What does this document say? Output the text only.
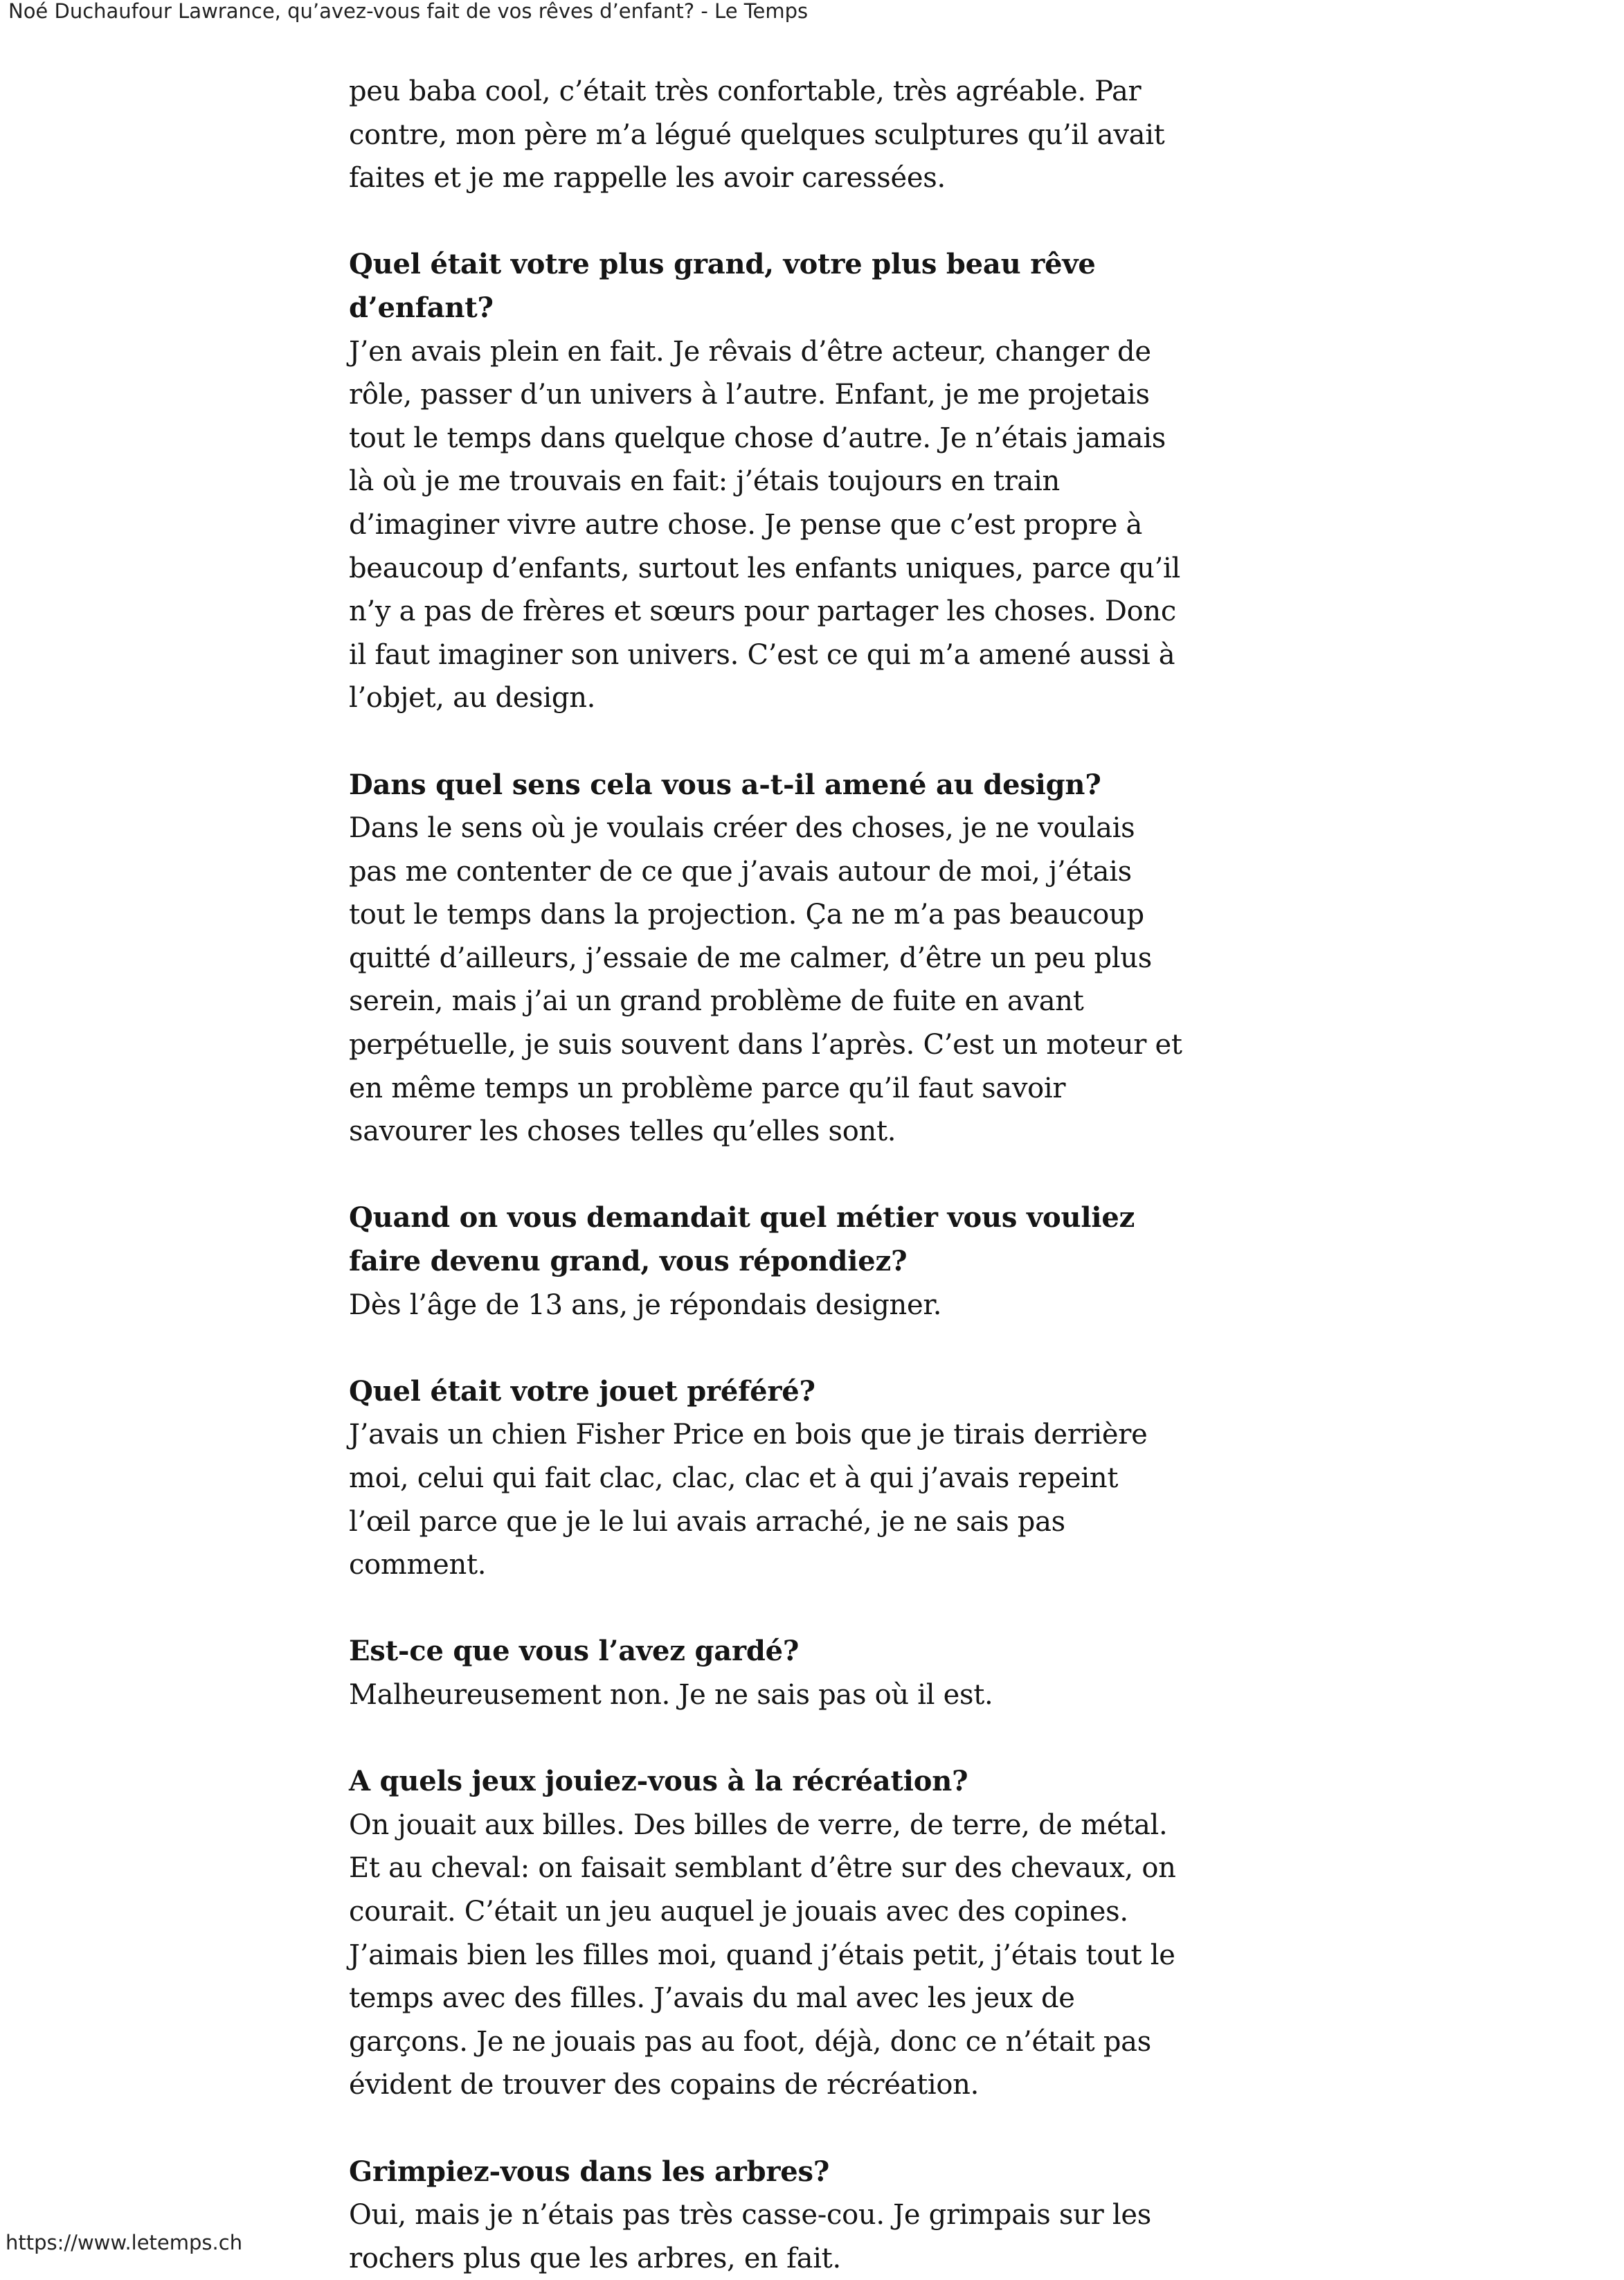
Noé Duchaufour Lawrance, qu’avez-vous fait de vos rêves d’enfant? - Le Temps

peu baba cool, c’était très confortable, très agréable. Par contre, mon père m’a légué quelques sculptures qu’il avait faites et je me rappelle les avoir caressées.

Quel était votre plus grand, votre plus beau rêve d’enfant?

J’en avais plein en fait. Je rêvais d’être acteur, changer de rôle, passer d’un univers à l’autre. Enfant, je me projetais tout le temps dans quelque chose d’autre. Je n’étais jamais là où je me trouvais en fait: j’étais toujours en train d’imaginer vivre autre chose. Je pense que c’est propre à beaucoup d’enfants, surtout les enfants uniques, parce qu’il n’y a pas de frères et sœurs pour partager les choses. Donc il faut imaginer son univers. C’est ce qui m’a amené aussi à l’objet, au design.

Dans quel sens cela vous a-t-il amené au design?

Dans le sens où je voulais créer des choses, je ne voulais pas me contenter de ce que j’avais autour de moi, j’étais tout le temps dans la projection. Ça ne m’a pas beaucoup quitté d’ailleurs, j’essaie de me calmer, d’être un peu plus serein, mais j’ai un grand problème de fuite en avant perpétuelle, je suis souvent dans l’après. C’est un moteur et en même temps un problème parce qu’il faut savoir savourer les choses telles qu’elles sont.

Quand on vous demandait quel métier vous vouliez faire devenu grand, vous répondiez?

Dès l’âge de 13 ans, je répondais designer.

Quel était votre jouet préféré?

J’avais un chien Fisher Price en bois que je tirais derrière moi, celui qui fait clac, clac, clac et à qui j’avais repeint l’œil parce que je le lui avais arraché, je ne sais pas comment.

Est-ce que vous l’avez gardé?

Malheureusement non. Je ne sais pas où il est.

A quels jeux jouiez-vous à la récréation?

On jouait aux billes. Des billes de verre, de terre, de métal. Et au cheval: on faisait semblant d’être sur des chevaux, on courait. C’était un jeu auquel je jouais avec des copines. J’aimais bien les filles moi, quand j’étais petit, j’étais tout le temps avec des filles. J’avais du mal avec les jeux de garçons. Je ne jouais pas au foot, déjà, donc ce n’était pas évident de trouver des copains de récréation.

Grimpiez-vous dans les arbres?

Oui, mais je n’étais pas très casse-cou. Je grimpais sur les rochers plus que les arbres, en fait.

https://www.letemps.ch
